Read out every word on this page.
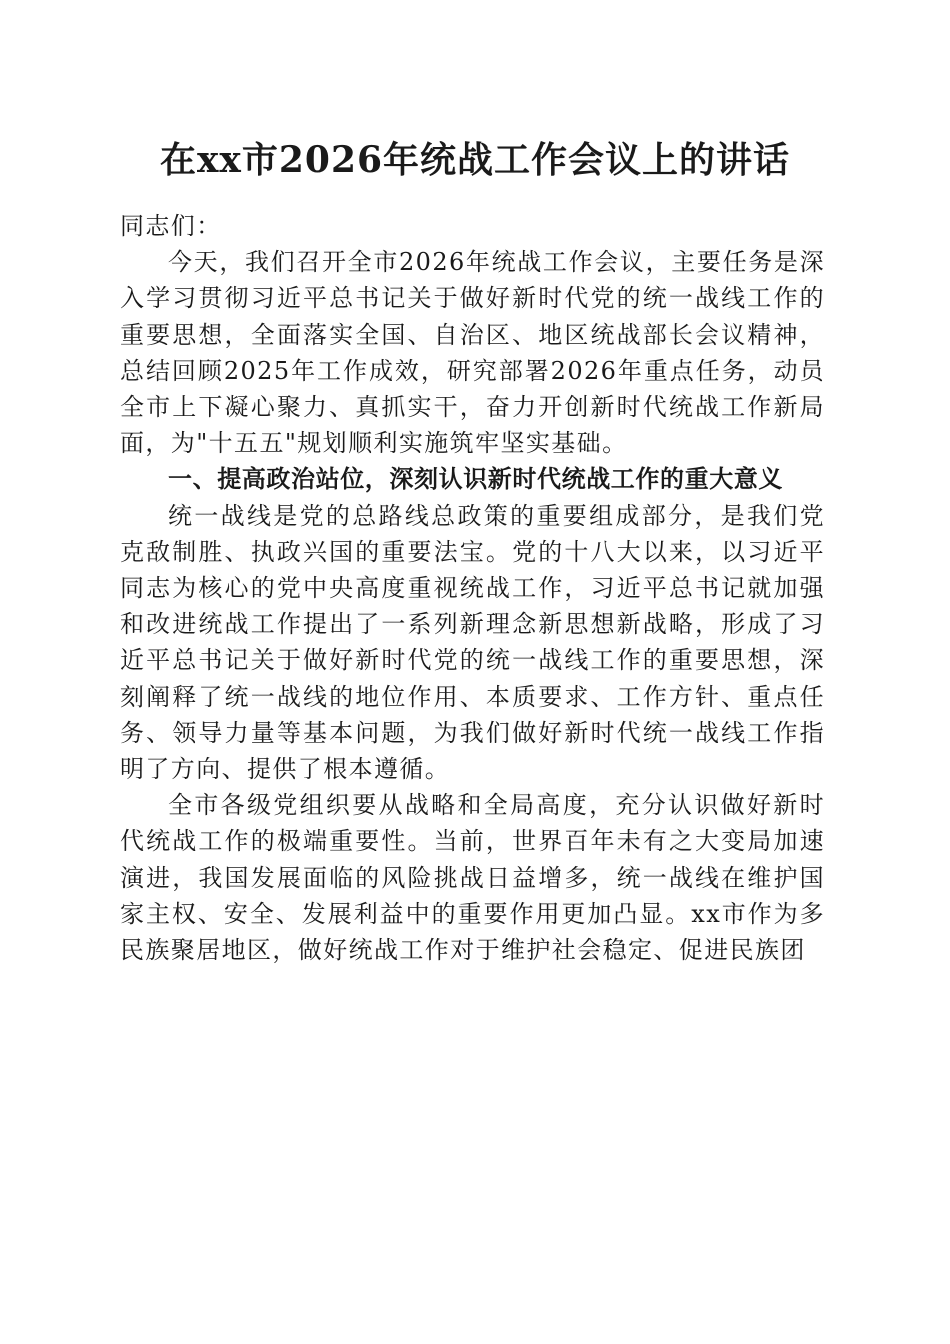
在xx市2026年统战工作会议上的讲话

同志们：

今天，我们召开全市2026年统战工作会议，主要任务是深入学习贯彻习近平总书记关于做好新时代党的统一战线工作的重要思想，全面落实全国、自治区、地区统战部长会议精神，总结回顾2025年工作成效，研究部署2026年重点任务，动员全市上下凝心聚力、真抓实干，奋力开创新时代统战工作新局面，为"十五五"规划顺利实施筑牢坚实基础。

一、提高政治站位，深刻认识新时代统战工作的重大意义

统一战线是党的总路线总政策的重要组成部分，是我们党克敌制胜、执政兴国的重要法宝。党的十八大以来，以习近平同志为核心的党中央高度重视统战工作，习近平总书记就加强和改进统战工作提出了一系列新理念新思想新战略，形成了习近平总书记关于做好新时代党的统一战线工作的重要思想，深刻阐释了统一战线的地位作用、本质要求、工作方针、重点任务、领导力量等基本问题，为我们做好新时代统一战线工作指明了方向、提供了根本遵循。

全市各级党组织要从战略和全局高度，充分认识做好新时代统战工作的极端重要性。当前，世界百年未有之大变局加速演进，我国发展面临的风险挑战日益增多，统一战线在维护国家主权、安全、发展利益中的重要作用更加凸显。xx市作为多民族聚居地区，做好统战工作对于维护社会稳定、促进民族团
